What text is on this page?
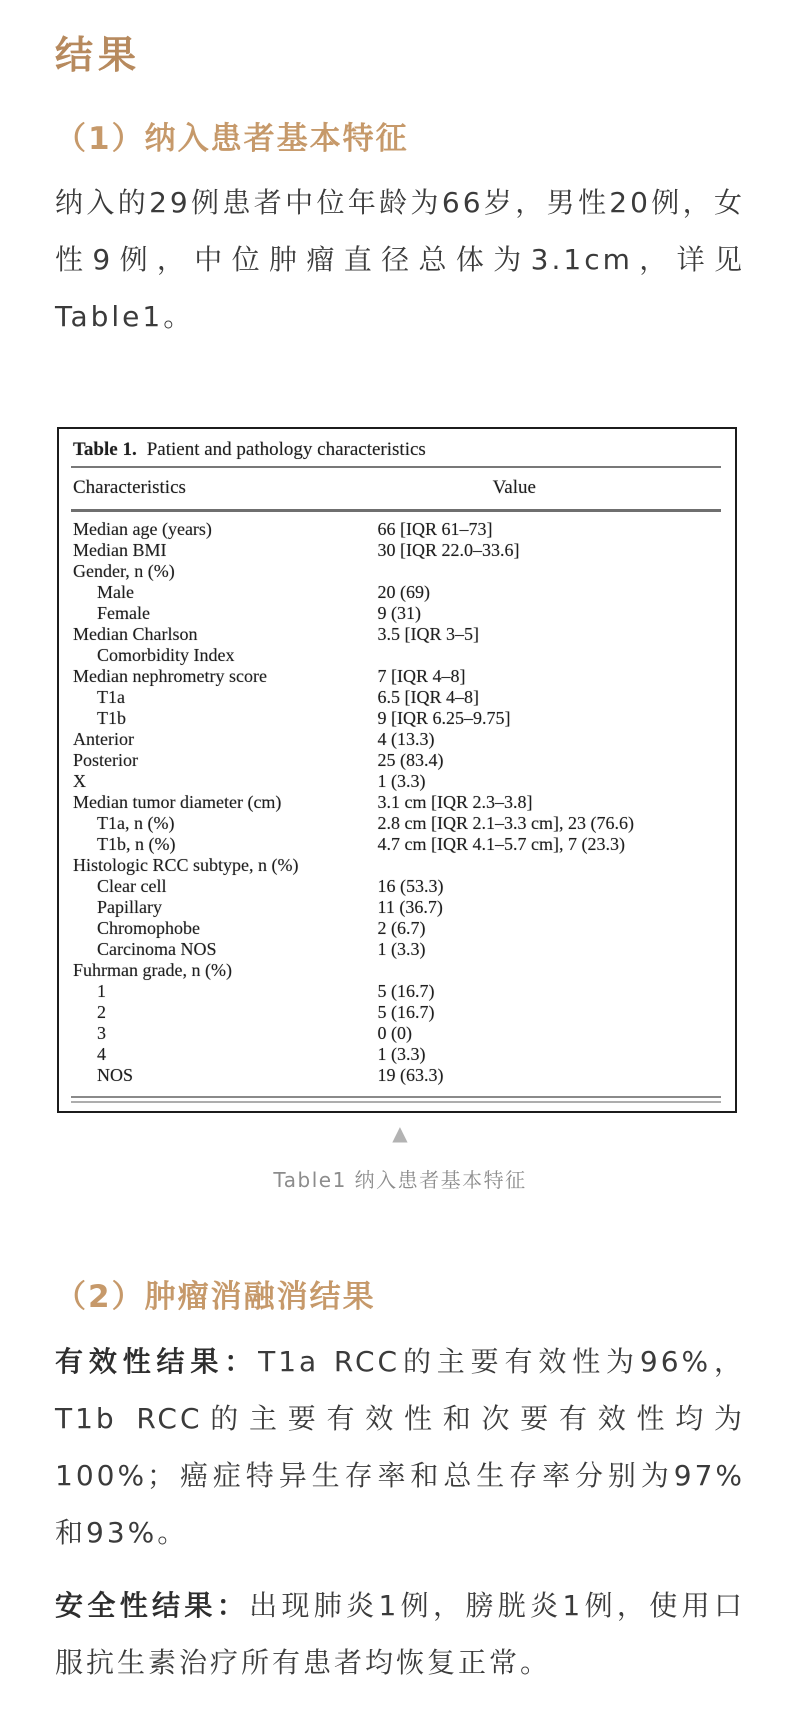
结果
（1）纳入患者基本特征

纳入的29例患者中位年龄为66岁，男性20例，女性9例，中位肿瘤直径总体为3.1cm，详见Table1。

Table 1. Patient and pathology characteristics
Characteristics	Value
Median age (years)	66 [IQR 61–73]
Median BMI	30 [IQR 22.0–33.6]
Gender, n (%)
Male	20 (69)
Female	9 (31)
Median Charlson	3.5 [IQR 3–5]
Comorbidity Index
Median nephrometry score	7 [IQR 4–8]
T1a	6.5 [IQR 4–8]
T1b	9 [IQR 6.25–9.75]
Anterior	4 (13.3)
Posterior	25 (83.4)
X	1 (3.3)
Median tumor diameter (cm)	3.1 cm [IQR 2.3–3.8]
T1a, n (%)	2.8 cm [IQR 2.1–3.3 cm], 23 (76.6)
T1b, n (%)	4.7 cm [IQR 4.1–5.7 cm], 7 (23.3)
Histologic RCC subtype, n (%)
Clear cell	16 (53.3)
Papillary	11 (36.7)
Chromophobe	2 (6.7)
Carcinoma NOS	1 (3.3)
Fuhrman grade, n (%)
1	5 (16.7)
2	5 (16.7)
3	0 (0)
4	1 (3.3)
NOS	19 (63.3)
▲

Table1 纳入患者基本特征

（2）肿瘤消融消结果

有效性结果：T1a RCC的主要有效性为96%，T1b RCC的主要有效性和次要有效性均为100%；癌症特异生存率和总生存率分别为97%和93%。

安全性结果：出现肺炎1例，膀胱炎1例，使用口服抗生素治疗所有患者均恢复正常。
